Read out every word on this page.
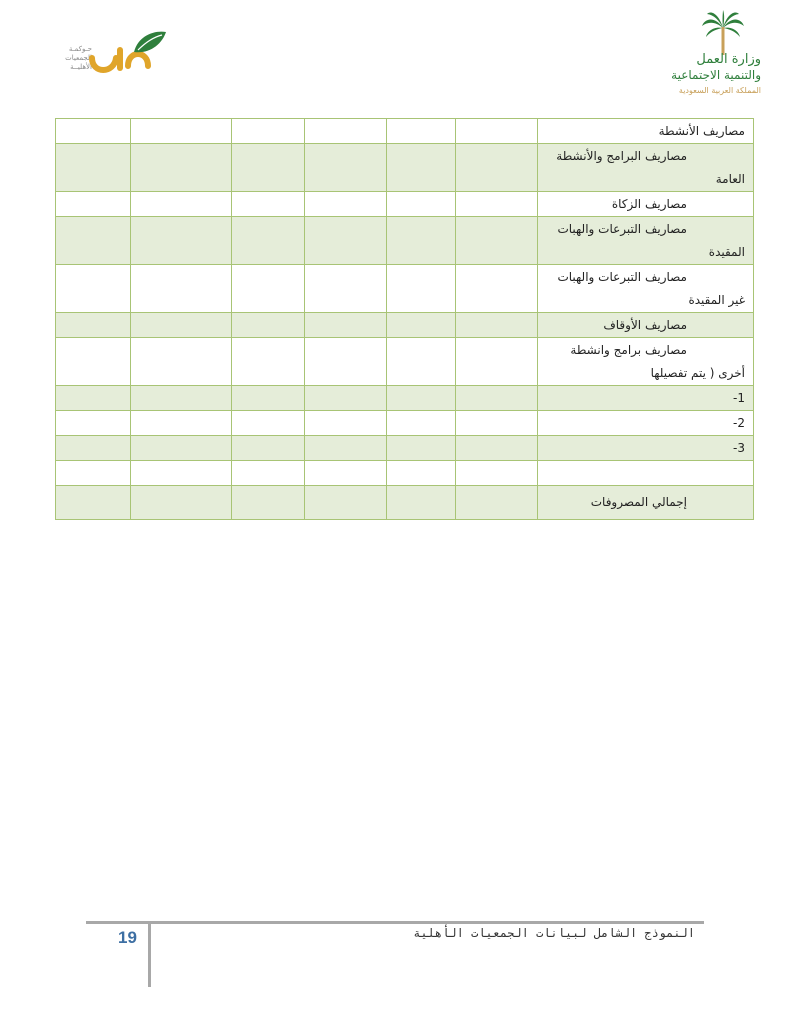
وزارة العمل
والتنمية الاجتماعية
المملكة العربية السعودية
حـوكمـة
الجمعيات
الأهليــة
مصاريف الأنشطة						

مصاريف البرامج والأنشطة
العامة						

مصاريف الزكاة						

مصاريف التبرعات والهبات
المقيدة						

مصاريف التبرعات والهبات
غير المقيدة						

مصاريف الأوقاف						

مصاريف برامج وانشطة
أخرى ( يتم تفصيلها						

1-						

2-						

3-						

إجمالي المصروفات						

النموذج الشامل لبيانات الجمعيات الأهلية
19
